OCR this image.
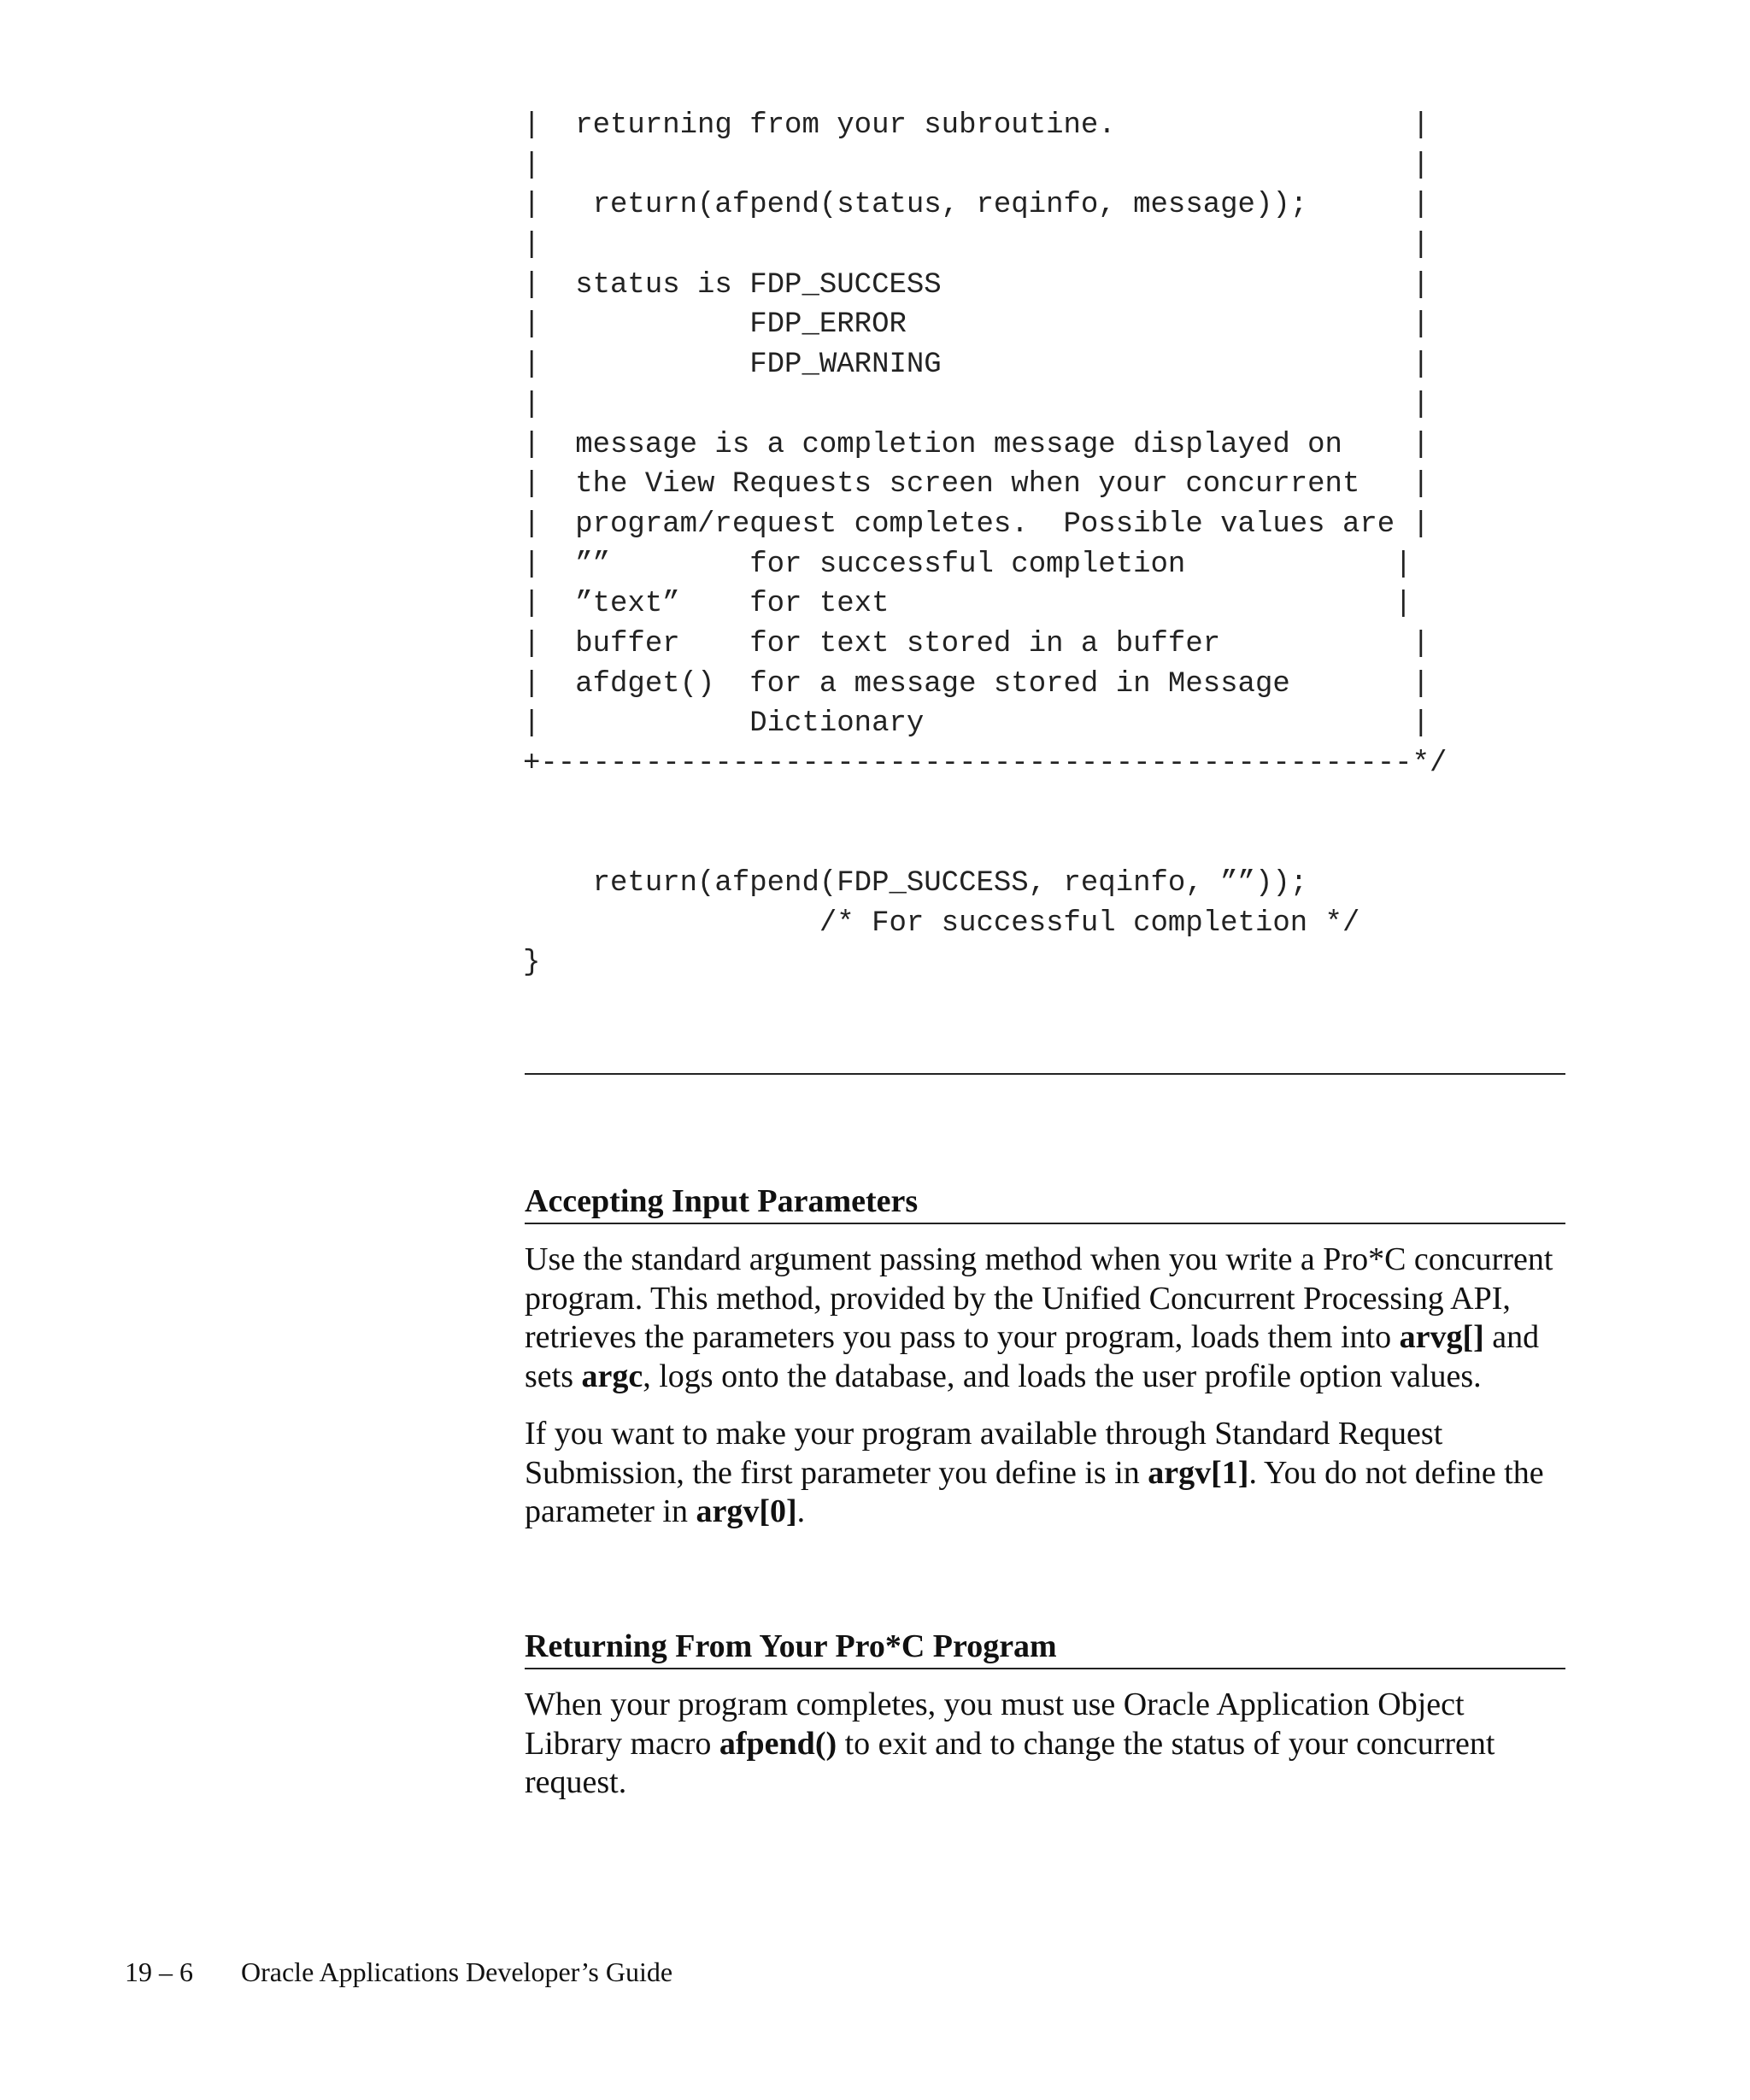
|  returning from your subroutine.                 |
|                                                  |
|   return(afpend(status, reqinfo, message));      |
|                                                  |
|  status is FDP_SUCCESS                           |
|            FDP_ERROR                             |
|            FDP_WARNING                           |
|                                                  |
|  message is a completion message displayed on    |
|  the View Requests screen when your concurrent   |
|  program/request completes.  Possible values are |
|  ””        for successful completion            |
|  ”text”    for text                             |
|  buffer    for text stored in a buffer           |
|  afdget()  for a message stored in Message       |
|            Dictionary                            |
+--------------------------------------------------*/
return(afpend(FDP_SUCCESS, reqinfo, ””));
/* For successful completion */
}
Accepting Input Parameters

Use the standard argument passing method when you write a Pro*C concurrent program. This method, provided by the Unified Concurrent Processing API, retrieves the parameters you pass to your program, loads them into arvg[] and sets argc, logs onto the database, and loads the user profile option values.

If you want to make your program available through Standard Request Submission, the first parameter you define is in argv[1]. You do not define the parameter in argv[0].

Returning From Your Pro*C Program

When your program completes, you must use Oracle Application Object Library macro afpend() to exit and to change the status of your concurrent request.

19 – 6 Oracle Applications Developer’s Guide
